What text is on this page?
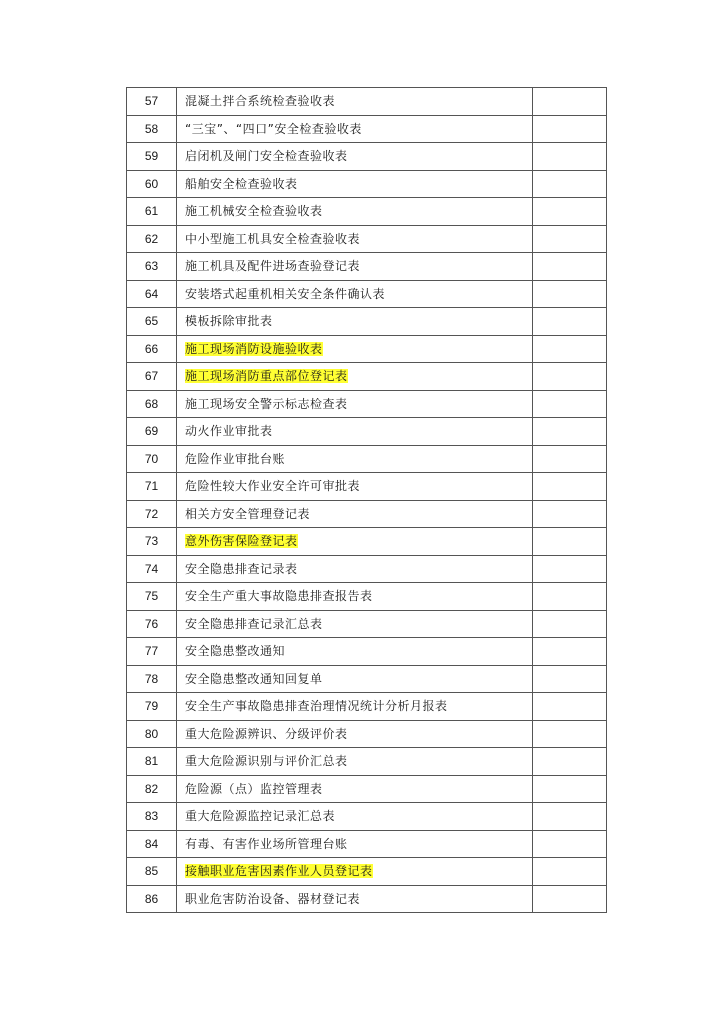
57	混凝土拌合系统检查验收表	
58	“三宝”、“四口”安全检查验收表	
59	启闭机及闸门安全检查验收表	
60	船舶安全检查验收表	
61	施工机械安全检查验收表	
62	中小型施工机具安全检查验收表	
63	施工机具及配件进场查验登记表	
64	安装塔式起重机相关安全条件确认表	
65	模板拆除审批表	
66	施工现场消防设施验收表	
67	施工现场消防重点部位登记表	
68	施工现场安全警示标志检查表	
69	动火作业审批表	
70	危险作业审批台账	
71	危险性较大作业安全许可审批表	
72	相关方安全管理登记表	
73	意外伤害保险登记表	
74	安全隐患排查记录表	
75	安全生产重大事故隐患排查报告表	
76	安全隐患排查记录汇总表	
77	安全隐患整改通知	
78	安全隐患整改通知回复单	
79	安全生产事故隐患排查治理情况统计分析月报表	
80	重大危险源辨识、分级评价表	
81	重大危险源识别与评价汇总表	
82	危险源（点）监控管理表	
83	重大危险源监控记录汇总表	
84	有毒、有害作业场所管理台账	
85	接触职业危害因素作业人员登记表	
86	职业危害防治设备、器材登记表	
